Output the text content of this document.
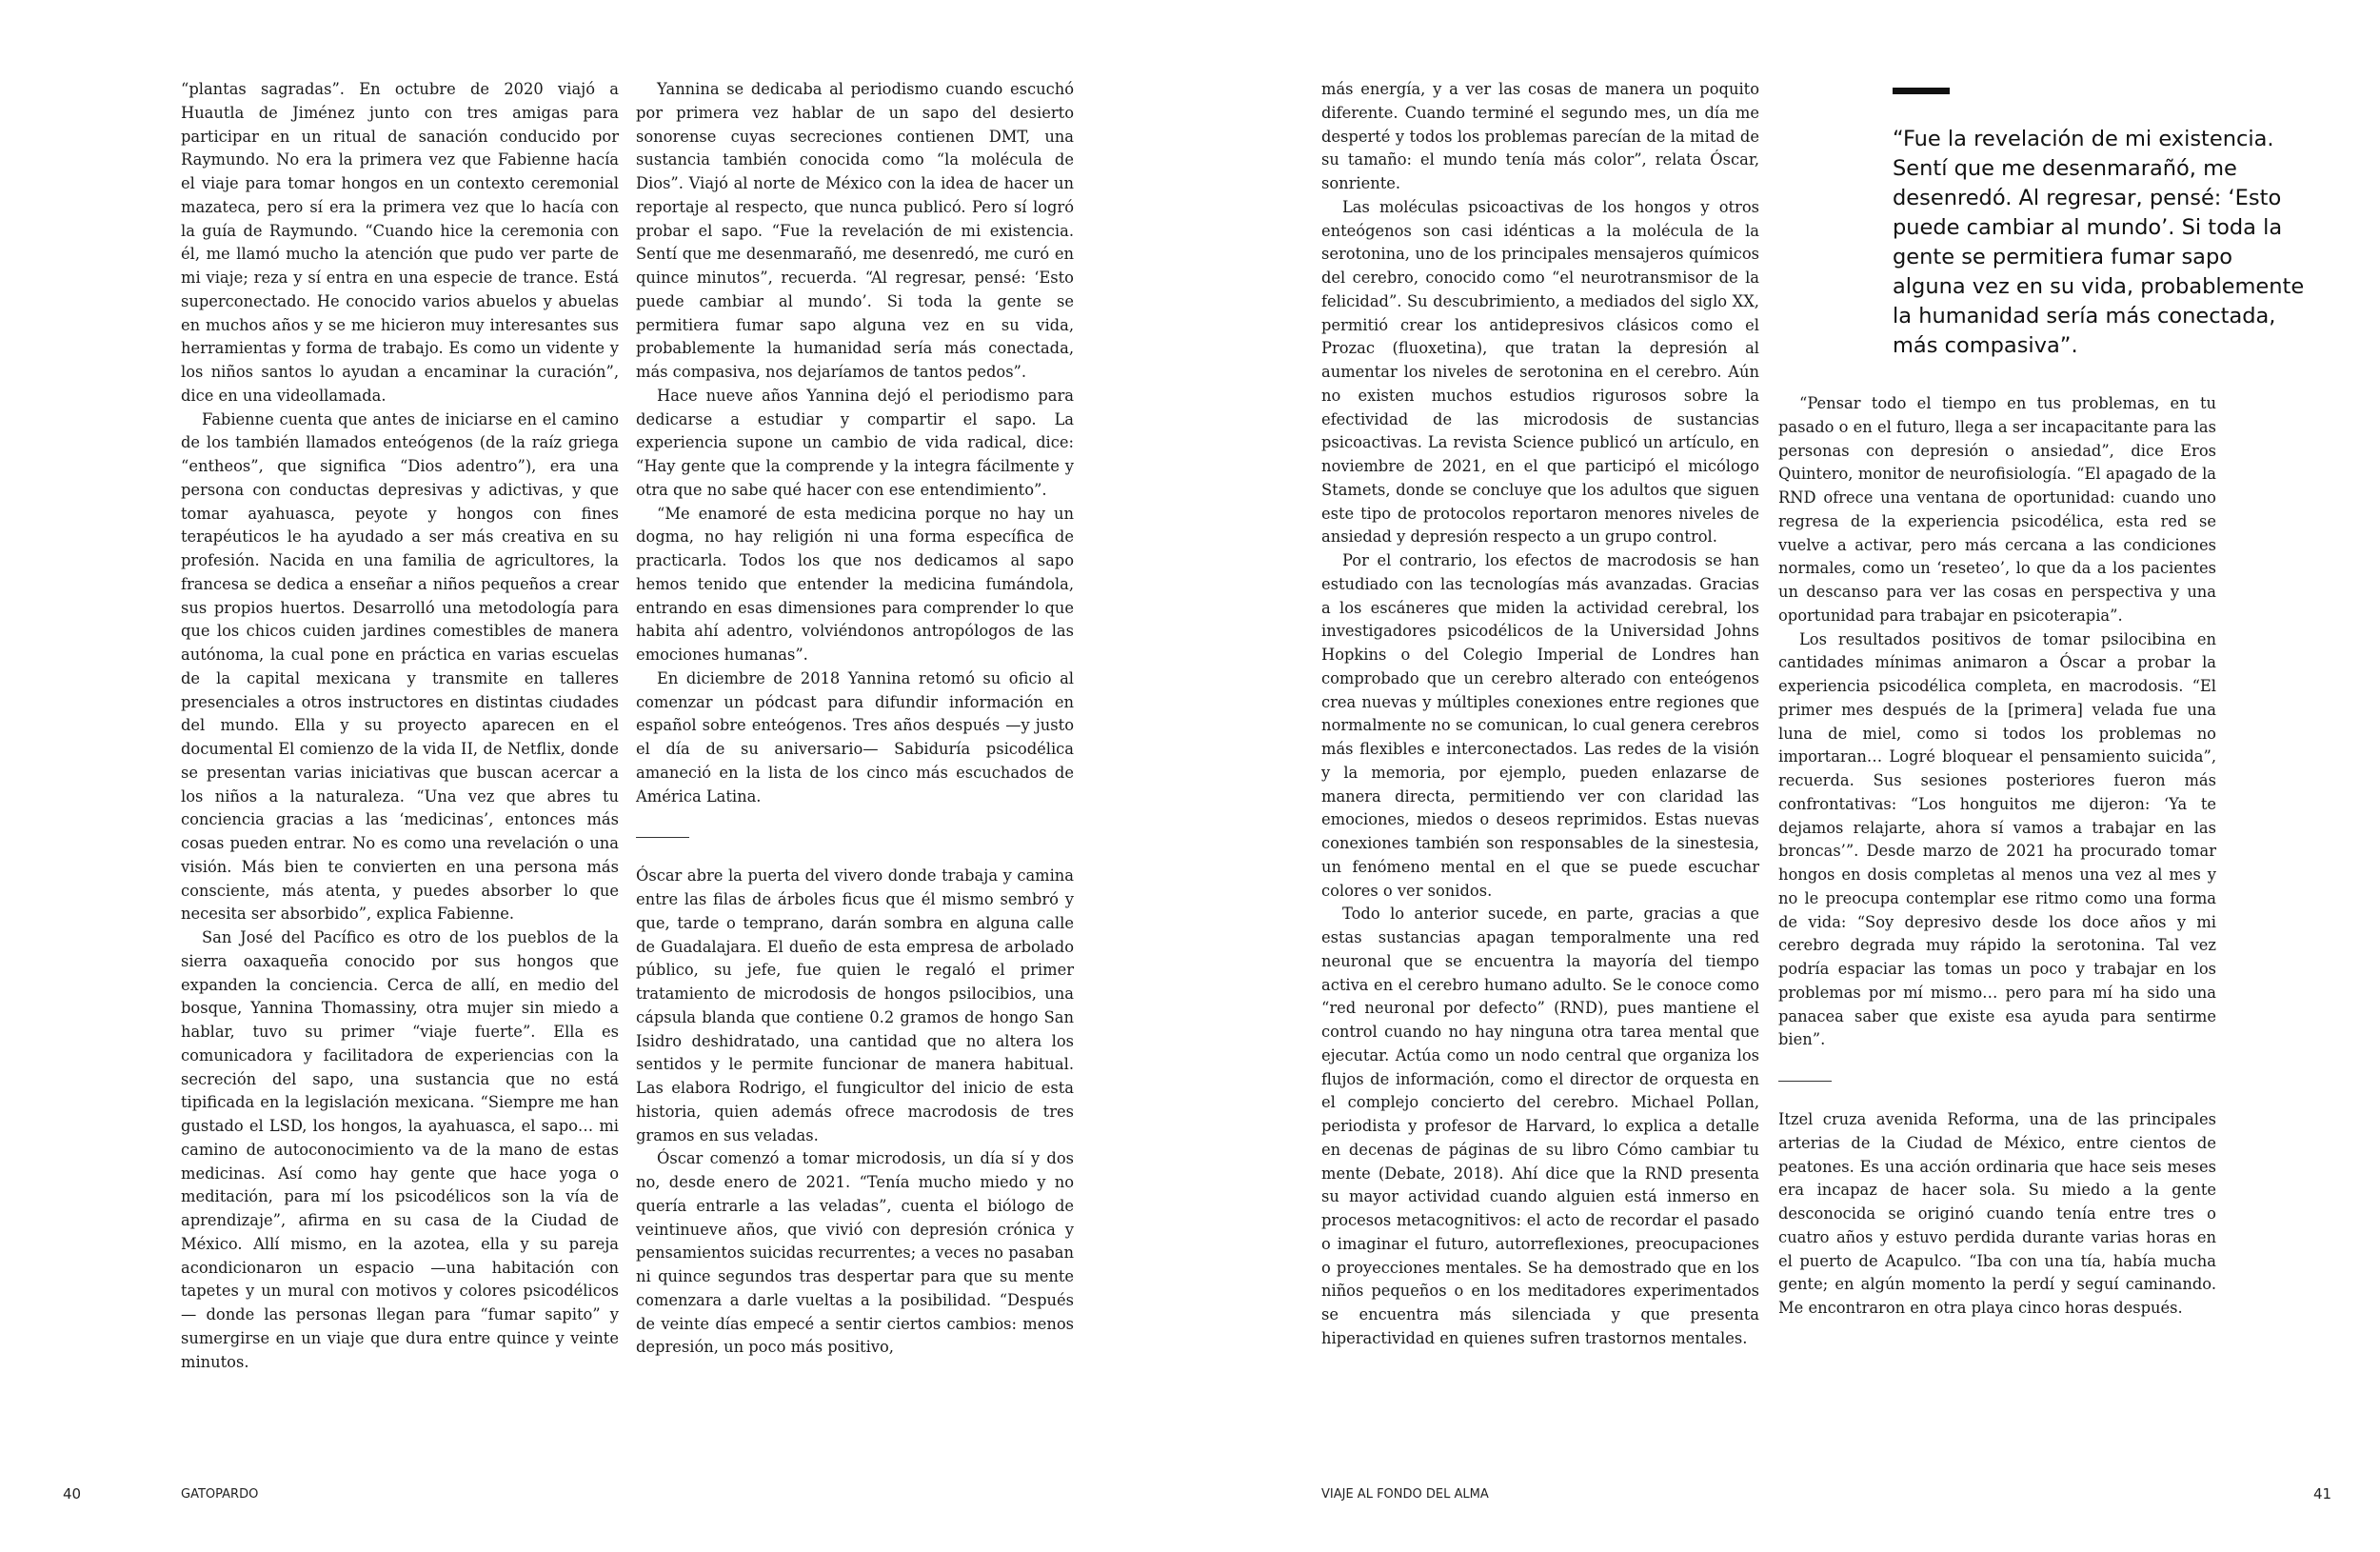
“plantas sagradas”. En octubre de 2020 viajó a Huautla de Jiménez junto con tres amigas para participar en un ritual de sanación conducido por Raymundo. No era la primera vez que Fabienne hacía el viaje para tomar hongos en un contexto ceremonial mazateca, pero sí era la primera vez que lo hacía con la guía de Raymundo. “Cuando hice la ceremonia con él, me llamó mucho la atención que pudo ver parte de mi viaje; reza y sí entra en una especie de trance. Está superconectado. He conocido varios abuelos y abuelas en muchos años y se me hicieron muy interesantes sus herramientas y forma de trabajo. Es como un vidente y los niños santos lo ayudan a encaminar la curación”, dice en una videollamada.

Fabienne cuenta que antes de iniciarse en el camino de los también llamados enteógenos (de la raíz griega “entheos”, que significa “Dios adentro”), era una persona con conductas depresivas y adictivas, y que tomar ayahuasca, peyote y hongos con fines terapéuticos le ha ayudado a ser más creativa en su profesión. Nacida en una familia de agricultores, la francesa se dedica a enseñar a niños pequeños a crear sus propios huertos. Desarrolló una metodología para que los chicos cuiden jardines comestibles de manera autónoma, la cual pone en práctica en varias escuelas de la capital mexicana y transmite en talleres presenciales a otros instructores en distintas ciudades del mundo. Ella y su proyecto aparecen en el documental El comienzo de la vida II, de Netflix, donde se presentan varias iniciativas que buscan acercar a los niños a la naturaleza. “Una vez que abres tu conciencia gracias a las ‘medicinas’, entonces más cosas pueden entrar. No es como una revelación o una visión. Más bien te convierten en una persona más consciente, más atenta, y puedes absorber lo que necesita ser absorbido”, explica Fabienne.

San José del Pacífico es otro de los pueblos de la sierra oaxaqueña conocido por sus hongos que expanden la conciencia. Cerca de allí, en medio del bosque, Yannina Thomassiny, otra mujer sin miedo a hablar, tuvo su primer “viaje fuerte”. Ella es comunicadora y facilitadora de experiencias con la secreción del sapo, una sustancia que no está tipificada en la legislación mexicana. “Siempre me han gustado el LSD, los hongos, la ayahuasca, el sapo… mi camino de autoconocimiento va de la mano de estas medicinas. Así como hay gente que hace yoga o meditación, para mí los psicodélicos son la vía de aprendizaje”, afirma en su casa de la Ciudad de México. Allí mismo, en la azotea, ella y su pareja acondicionaron un espacio —una habitación con tapetes y un mural con motivos y colores psicodélicos— donde las personas llegan para “fumar sapito” y sumergirse en un viaje que dura entre quince y veinte minutos.

Yannina se dedicaba al periodismo cuando escuchó por primera vez hablar de un sapo del desierto sonorense cuyas secreciones contienen DMT, una sustancia también conocida como “la molécula de Dios”. Viajó al norte de México con la idea de hacer un reportaje al respecto, que nunca publicó. Pero sí logró probar el sapo. “Fue la revelación de mi existencia. Sentí que me desenmarañó, me desenredó, me curó en quince minutos”, recuerda. “Al regresar, pensé: ‘Esto puede cambiar al mundo’. Si toda la gente se permitiera fumar sapo alguna vez en su vida, probablemente la humanidad sería más conectada, más compasiva, nos dejaríamos de tantos pedos”.

Hace nueve años Yannina dejó el periodismo para dedicarse a estudiar y compartir el sapo. La experiencia supone un cambio de vida radical, dice: “Hay gente que la comprende y la integra fácilmente y otra que no sabe qué hacer con ese entendimiento”.

“Me enamoré de esta medicina porque no hay un dogma, no hay religión ni una forma específica de practicarla. Todos los que nos dedicamos al sapo hemos tenido que entender la medicina fumándola, entrando en esas dimensiones para comprender lo que habita ahí adentro, volviéndonos antropólogos de las emociones humanas”.

En diciembre de 2018 Yannina retomó su oficio al comenzar un pódcast para difundir información en español sobre enteógenos. Tres años después —y justo el día de su aniversario— Sabiduría psicodélica amaneció en la lista de los cinco más escuchados de América Latina.

Óscar abre la puerta del vivero donde trabaja y camina entre las filas de árboles ficus que él mismo sembró y que, tarde o temprano, darán sombra en alguna calle de Guadalajara. El dueño de esta empresa de arbolado público, su jefe, fue quien le regaló el primer tratamiento de microdosis de hongos psilocibios, una cápsula blanda que contiene 0.2 gramos de hongo San Isidro deshidratado, una cantidad que no altera los sentidos y le permite funcionar de manera habitual. Las elabora Rodrigo, el fungicultor del inicio de esta historia, quien además ofrece macrodosis de tres gramos en sus veladas.

Óscar comenzó a tomar microdosis, un día sí y dos no, desde enero de 2021. “Tenía mucho miedo y no quería entrarle a las veladas”, cuenta el biólogo de veintinueve años, que vivió con depresión crónica y pensamientos suicidas recurrentes; a veces no pasaban ni quince segundos tras despertar para que su mente comenzara a darle vueltas a la posibilidad. “Después de veinte días empecé a sentir ciertos cambios: menos depresión, un poco más positivo,

40	GATOPARDO

más energía, y a ver las cosas de manera un poquito diferente. Cuando terminé el segundo mes, un día me desperté y todos los problemas parecían de la mitad de su tamaño: el mundo tenía más color”, relata Óscar, sonriente.

Las moléculas psicoactivas de los hongos y otros enteógenos son casi idénticas a la molécula de la serotonina, uno de los principales mensajeros químicos del cerebro, conocido como “el neurotransmisor de la felicidad”. Su descubrimiento, a mediados del siglo XX, permitió crear los antidepresivos clásicos como el Prozac (fluoxetina), que tratan la depresión al aumentar los niveles de serotonina en el cerebro. Aún no existen muchos estudios rigurosos sobre la efectividad de las microdosis de sustancias psicoactivas. La revista Science publicó un artículo, en noviembre de 2021, en el que participó el micólogo Stamets, donde se concluye que los adultos que siguen este tipo de protocolos reportaron menores niveles de ansiedad y depresión respecto a un grupo control.

Por el contrario, los efectos de macrodosis se han estudiado con las tecnologías más avanzadas. Gracias a los escáneres que miden la actividad cerebral, los investigadores psicodélicos de la Universidad Johns Hopkins o del Colegio Imperial de Londres han comprobado que un cerebro alterado con enteógenos crea nuevas y múltiples conexiones entre regiones que normalmente no se comunican, lo cual genera cerebros más flexibles e interconectados. Las redes de la visión y la memoria, por ejemplo, pueden enlazarse de manera directa, permitiendo ver con claridad las emociones, miedos o deseos reprimidos. Estas nuevas conexiones también son responsables de la sinestesia, un fenómeno mental en el que se puede escuchar colores o ver sonidos.

Todo lo anterior sucede, en parte, gracias a que estas sustancias apagan temporalmente una red neuronal que se encuentra la mayoría del tiempo activa en el cerebro humano adulto. Se le conoce como “red neuronal por defecto” (RND), pues mantiene el control cuando no hay ninguna otra tarea mental que ejecutar. Actúa como un nodo central que organiza los flujos de información, como el director de orquesta en el complejo concierto del cerebro. Michael Pollan, periodista y profesor de Harvard, lo explica a detalle en decenas de páginas de su libro Cómo cambiar tu mente (Debate, 2018). Ahí dice que la RND presenta su mayor actividad cuando alguien está inmerso en procesos metacognitivos: el acto de recordar el pasado o imaginar el futuro, autorreflexiones, preocupaciones o proyecciones mentales. Se ha demostrado que en los niños pequeños o en los meditadores experimentados se encuentra más silenciada y que presenta hiperactividad en quienes sufren trastornos mentales.

“Fue la revelación de mi existencia. Sentí que me desenmarañó, me desenredó. Al regresar, pensé: ‘Esto puede cambiar al mundo’. Si toda la gente se permitiera fumar sapo alguna vez en su vida, probablemente la humanidad sería más conectada, más compasiva”.

“Pensar todo el tiempo en tus problemas, en tu pasado o en el futuro, llega a ser incapacitante para las personas con depresión o ansiedad”, dice Eros Quintero, monitor de neurofisiología. “El apagado de la RND ofrece una ventana de oportunidad: cuando uno regresa de la experiencia psicodélica, esta red se vuelve a activar, pero más cercana a las condiciones normales, como un ‘reseteo’, lo que da a los pacientes un descanso para ver las cosas en perspectiva y una oportunidad para trabajar en psicoterapia”.

Los resultados positivos de tomar psilocibina en cantidades mínimas animaron a Óscar a probar la experiencia psicodélica completa, en macrodosis. “El primer mes después de la [primera] velada fue una luna de miel, como si todos los problemas no importaran… Logré bloquear el pensamiento suicida”, recuerda. Sus sesiones posteriores fueron más confrontativas: “Los honguitos me dijeron: ‘Ya te dejamos relajarte, ahora sí vamos a trabajar en las broncas’”. Desde marzo de 2021 ha procurado tomar hongos en dosis completas al menos una vez al mes y no le preocupa contemplar ese ritmo como una forma de vida: “Soy depresivo desde los doce años y mi cerebro degrada muy rápido la serotonina. Tal vez podría espaciar las tomas un poco y trabajar en los problemas por mí mismo… pero para mí ha sido una panacea saber que existe esa ayuda para sentirme bien”.

Itzel cruza avenida Reforma, una de las principales arterias de la Ciudad de México, entre cientos de peatones. Es una acción ordinaria que hace seis meses era incapaz de hacer sola. Su miedo a la gente desconocida se originó cuando tenía entre tres o cuatro años y estuvo perdida durante varias horas en el puerto de Acapulco. “Iba con una tía, había mucha gente; en algún momento la perdí y seguí caminando. Me encontraron en otra playa cinco horas después.

VIAJE AL FONDO DEL ALMA	41
